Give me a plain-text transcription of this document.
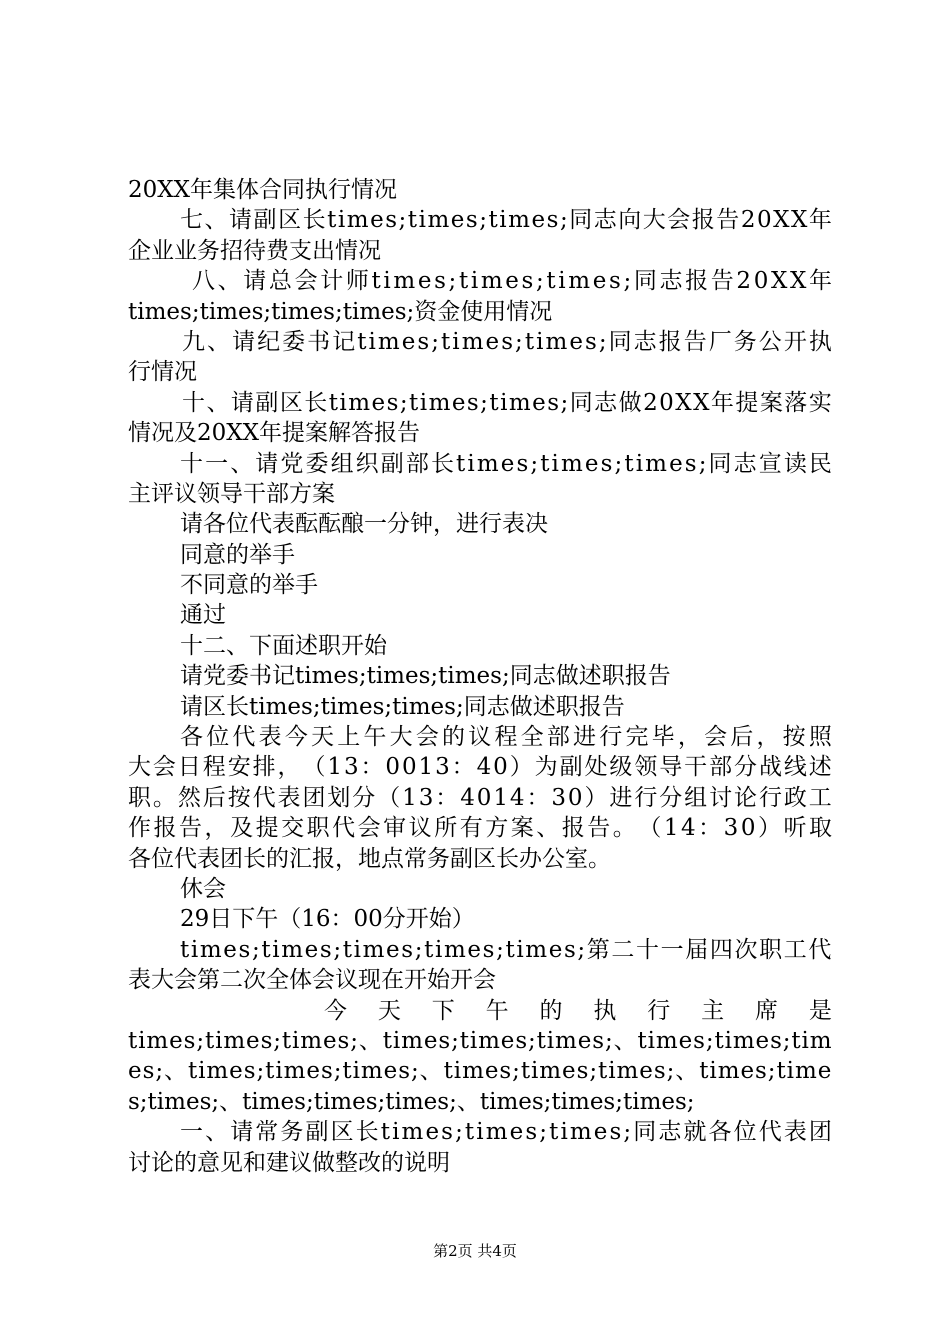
20XX年集体合同执行情况
七 、 请 副 区 长 t i m e s ; t i m e s ; t i m e s ; 同 志 向 大 会 报 告 2 0 X X 年
企业业务招待费支出情况
八 、 请 总 会 计 师 t i m e s ; t i m e s ; t i m e s ; 同 志 报 告 2 0 X X 年
times;times;times;times;资金使用情况
九 、 请 纪 委 书 记 t i m e s ; t i m e s ; t i m e s ; 同 志 报 告 厂 务 公 开 执
行情况
十 、 请 副 区 长 t i m e s ; t i m e s ; t i m e s ; 同 志 做 2 0 X X 年 提 案 落 实
情况及20XX年提案解答报告
十 一 、 请 党 委 组 织 副 部 长 t i m e s ; t i m e s ; t i m e s ; 同 志 宣 读 民
主评议领导干部方案
请各位代表酝酝酿一分钟，进行表决
同意的举手
不同意的举手
通过
十二、下面述职开始
请党委书记times;times;times;同志做述职报告
请区长times;times;times;同志做述职报告
各 位 代 表 今 天 上 午 大 会 的 议 程 全 部 进 行 完 毕 ， 会 后 ， 按 照
大 会 日 程 安 排 ， （ 1 3 ： 0 0 1 3 ： 4 0 ） 为 副 处 级 领 导 干 部 分 战 线 述
职 。 然 后 按 代 表 团 划 分 （ 1 3 ： 4 0 1 4 ： 3 0 ） 进 行 分 组 讨 论 行 政 工
作 报 告 ， 及 提 交 职 代 会 审 议 所 有 方 案 、 报 告 。 （ 1 4 ： 3 0 ） 听 取
各位代表团长的汇报，地点常务副区长办公室。
休会
29日下午（16：00分开始）
t i m e s ; t i m e s ; t i m e s ; t i m e s ; t i m e s ; 第 二 十 一 届 四 次 职 工 代
表大会第二次全体会议现在开始开会
今 天 下 午 的 执 行 主 席 是
t i m e s ; t i m e s ; t i m e s ; 、 t i m e s ; t i m e s ; t i m e s ; 、 t i m e s ; t i m e s ; t i m
e s ; 、 t i m e s ; t i m e s ; t i m e s ; 、 t i m e s ; t i m e s ; t i m e s ; 、 t i m e s ; t i m e
s;times;、times;times;times;、times;times;times;
一 、 请 常 务 副 区 长 t i m e s ; t i m e s ; t i m e s ; 同 志 就 各 位 代 表 团
讨论的意见和建议做整改的说明
第2页 共4页
